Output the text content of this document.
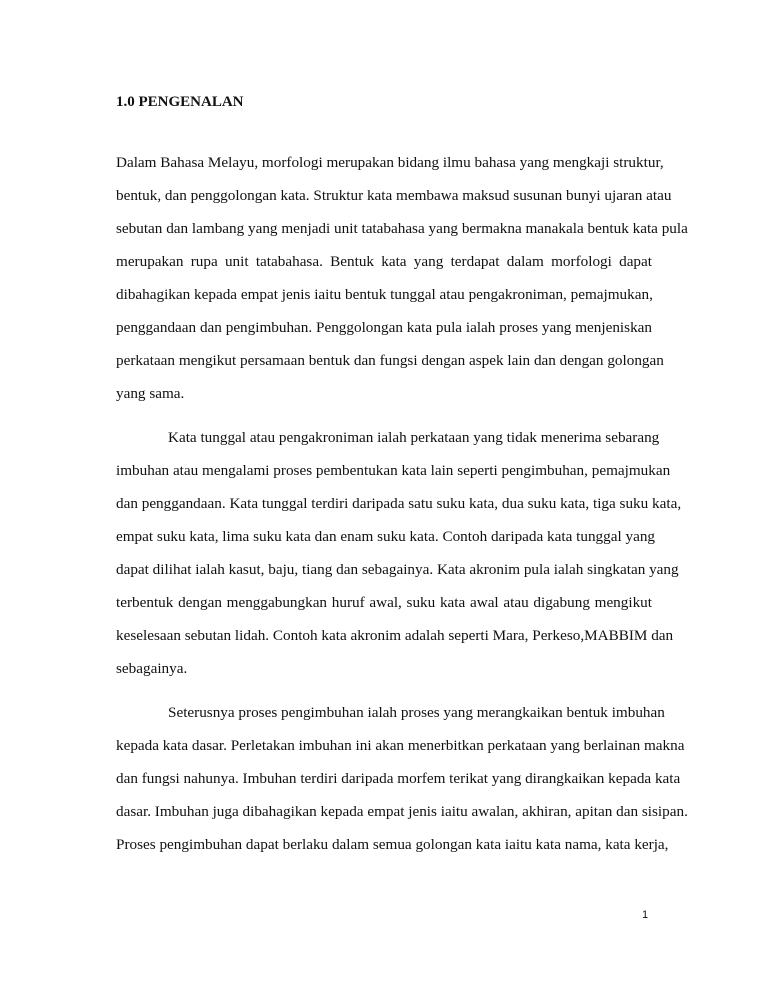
1.0 PENGENALAN
Dalam Bahasa Melayu, morfologi merupakan bidang ilmu bahasa yang mengkaji struktur,
bentuk, dan penggolongan kata. Struktur kata membawa maksud susunan bunyi ujaran atau
sebutan dan lambang yang menjadi unit tatabahasa yang bermakna manakala bentuk kata pula
merupakan rupa unit tatabahasa. Bentuk kata yang terdapat dalam morfologi dapat
dibahagikan kepada empat jenis iaitu bentuk tunggal atau pengakroniman, pemajmukan,
penggandaan dan pengimbuhan. Penggolongan kata pula ialah proses yang menjeniskan
perkataan mengikut persamaan bentuk dan fungsi dengan aspek lain dan dengan golongan
yang sama.
Kata tunggal atau pengakroniman ialah perkataan yang tidak menerima sebarang
imbuhan atau mengalami proses pembentukan kata lain seperti pengimbuhan, pemajmukan
dan penggandaan. Kata tunggal terdiri daripada satu suku kata, dua suku kata, tiga suku kata,
empat suku kata, lima suku kata dan enam suku kata. Contoh daripada kata tunggal yang
dapat dilihat ialah kasut, baju, tiang dan sebagainya. Kata akronim pula ialah singkatan yang
terbentuk dengan menggabungkan huruf awal, suku kata awal atau digabung mengikut
keselesaan sebutan lidah. Contoh kata akronim adalah seperti Mara, Perkeso,MABBIM dan
sebagainya.
Seterusnya proses pengimbuhan ialah proses yang merangkaikan bentuk imbuhan
kepada kata dasar. Perletakan imbuhan ini akan menerbitkan perkataan yang berlainan makna
dan fungsi nahunya. Imbuhan terdiri daripada morfem terikat yang dirangkaikan kepada kata
dasar. Imbuhan juga dibahagikan kepada empat jenis iaitu awalan, akhiran, apitan dan sisipan.
Proses pengimbuhan dapat berlaku dalam semua golongan kata iaitu kata nama, kata kerja,
1
